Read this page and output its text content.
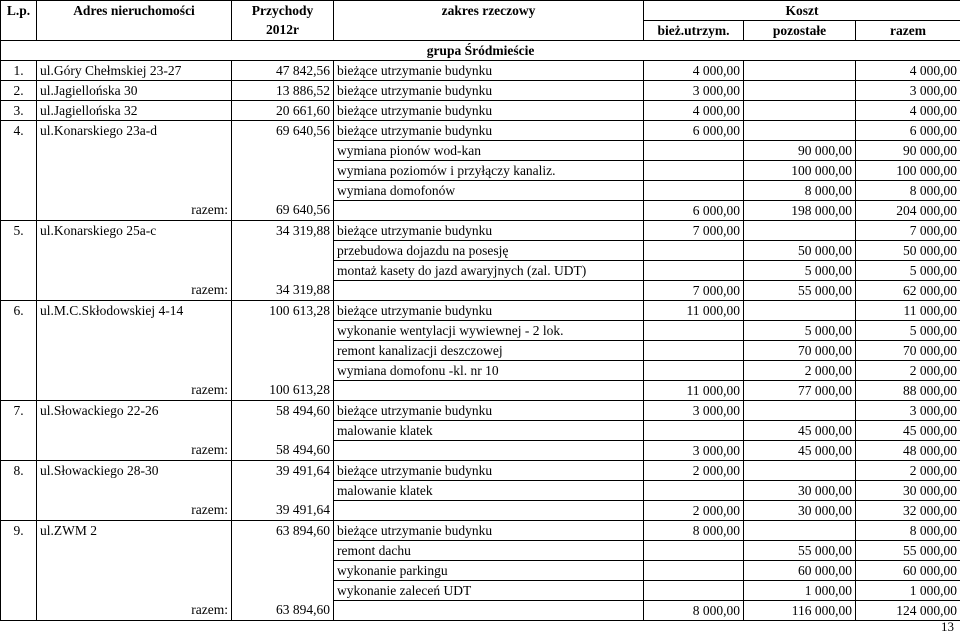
L.p.	Adres nieruchomości	Przychody	zakres rzeczowy	Koszt		
		2012r		bież.utrzym.	pozostałe	razem
grupa Śródmieście						
1.	ul.Góry Chełmskiej 23-27	47 842,56	bieżące utrzymanie budynku	4 000,00		4 000,00
2.	ul.Jagiellońska 30	13 886,52	bieżące utrzymanie budynku	3 000,00		3 000,00
3.	ul.Jagiellońska 32	20 661,60	bieżące utrzymanie budynku	4 000,00		4 000,00
4.	ul.Konarskiego 23a-d	69 640,56	bieżące utrzymanie budynku	6 000,00		6 000,00
			wymiana pionów wod-kan		90 000,00	90 000,00
			wymiana poziomów i przyłączy kanaliz.		100 000,00	100 000,00
			wymiana domofonów		8 000,00	8 000,00
	razem:	69 640,56		6 000,00	198 000,00	204 000,00
5.	ul.Konarskiego 25a-c	34 319,88	bieżące utrzymanie budynku	7 000,00		7 000,00
			przebudowa dojazdu na posesję		50 000,00	50 000,00
			montaż kasety do jazd awaryjnych (zal. UDT)		5 000,00	5 000,00
	razem:	34 319,88		7 000,00	55 000,00	62 000,00
6.	ul.M.C.Skłodowskiej 4-14	100 613,28	bieżące utrzymanie budynku	11 000,00		11 000,00
			wykonanie wentylacji wywiewnej - 2 lok.		5 000,00	5 000,00
			remont kanalizacji deszczowej		70 000,00	70 000,00
			wymiana domofonu -kl. nr 10		2 000,00	2 000,00
	razem:	100 613,28		11 000,00	77 000,00	88 000,00
7.	ul.Słowackiego 22-26	58 494,60	bieżące utrzymanie budynku	3 000,00		3 000,00
			malowanie klatek		45 000,00	45 000,00
	razem:	58 494,60		3 000,00	45 000,00	48 000,00
8.	ul.Słowackiego 28-30	39 491,64	bieżące utrzymanie budynku	2 000,00		2 000,00
			malowanie klatek		30 000,00	30 000,00
	razem:	39 491,64		2 000,00	30 000,00	32 000,00
9.	ul.ZWM 2	63 894,60	bieżące utrzymanie budynku	8 000,00		8 000,00
			remont dachu		55 000,00	55 000,00
			wykonanie parkingu		60 000,00	60 000,00
			wykonanie zaleceń UDT		1 000,00	1 000,00
	razem:	63 894,60		8 000,00	116 000,00	124 000,00
13
